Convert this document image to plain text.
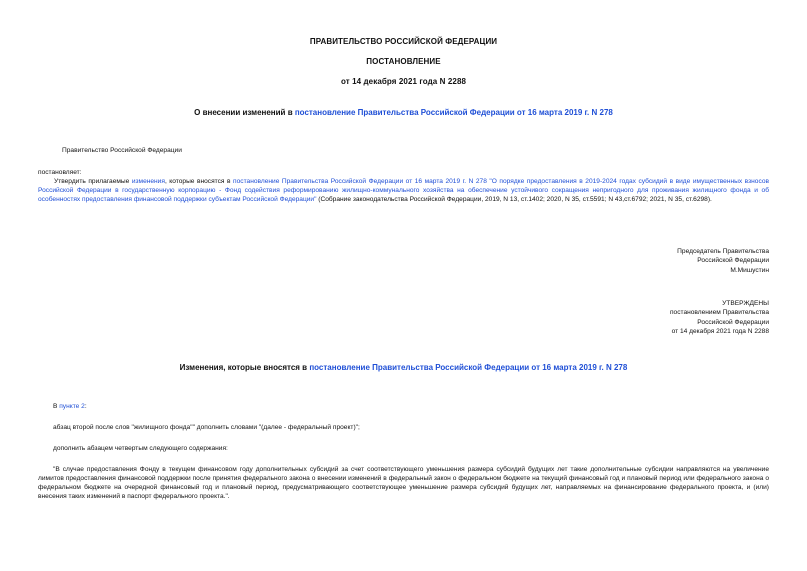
ПРАВИТЕЛЬСТВО РОССИЙСКОЙ ФЕДЕРАЦИИ
ПОСТАНОВЛЕНИЕ
от 14 декабря 2021 года N 2288
О внесении изменений в постановление Правительства Российской Федерации от 16 марта 2019 г. N 278
Правительство Российской Федерации
постановляет:
Утвердить прилагаемые изменения, которые вносятся в постановление Правительства Российской Федерации от 16 марта 2019 г. N 278 "О порядке предоставления в 2019-2024 годах субсидий в виде имущественных взносов Российской Федерации в государственную корпорацию - Фонд содействия реформированию жилищно-коммунального хозяйства на обеспечение устойчивого сокращения непригодного для проживания жилищного фонда и об особенностях предоставления финансовой поддержки субъектам Российской Федерации" (Собрание законодательства Российской Федерации, 2019, N 13, ст.1402; 2020, N 35, ст.5591; N 43,ст.6792; 2021, N 35, ст.6298).
Председатель Правительства
Российской Федерации
М.Мишустин
УТВЕРЖДЕНЫ
постановлением Правительства
Российской Федерации
от 14 декабря 2021 года N 2288
Изменения, которые вносятся в постановление Правительства Российской Федерации от 16 марта 2019 г. N 278
В пункте 2:
абзац второй после слов "жилищного фонда"" дополнить словами "(далее - федеральный проект)";
дополнить абзацем четвертым следующего содержания:
"В случае предоставления Фонду в текущем финансовом году дополнительных субсидий за счет соответствующего уменьшения размера субсидий будущих лет такие дополнительные субсидии направляются на увеличение лимитов предоставления финансовой поддержки после принятия федерального закона о внесении изменений в федеральный закон о федеральном бюджете на текущий финансовый год и плановый период или федерального закона о федеральном бюджете на очередной финансовый год и плановый период, предусматривающего соответствующее уменьшение размера субсидий будущих лет, направляемых на финансирование федерального проекта, и (или) внесения таких изменений в паспорт федерального проекта.".
